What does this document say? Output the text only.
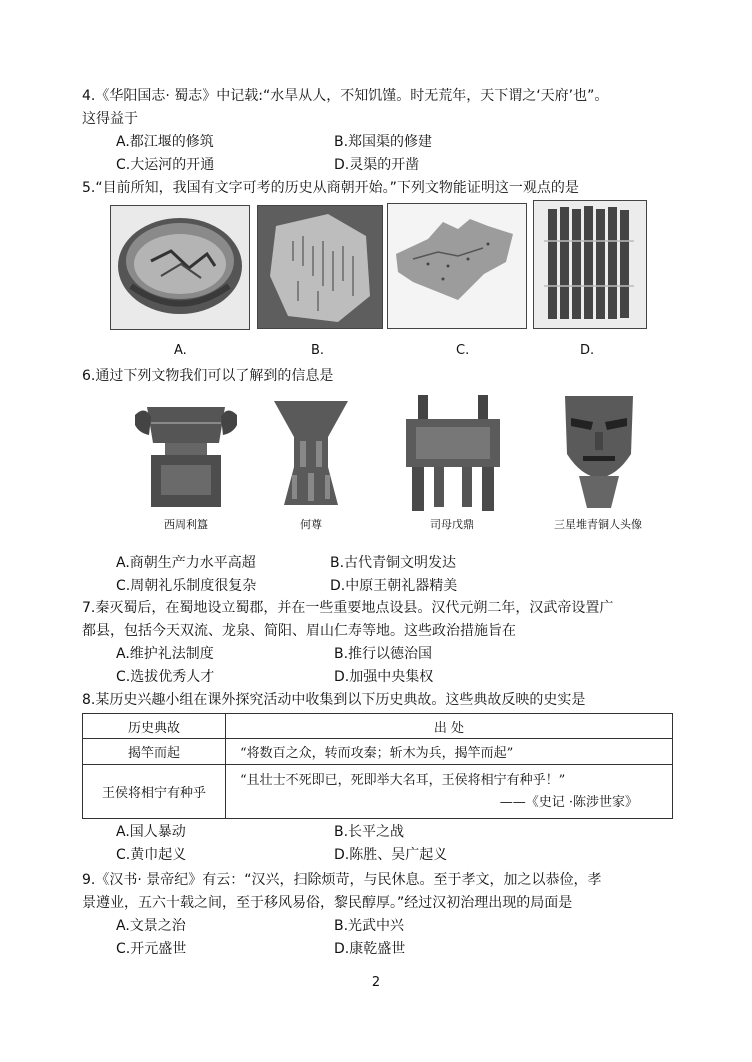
4.《华阳国志· 蜀志》中记载:“水旱从人，不知饥馑。时无荒年，天下谓之‘天府’也”。
这得益于
A.都江堰的修筑	B.郑国渠的修建
C.大运河的开通	D.灵渠的开凿
5.“目前所知，我国有文字可考的历史从商朝开始。”下列文物能证明这一观点的是
A.	B.	C.	D.
6.通过下列文物我们可以了解到的信息是
西周利簋	何尊	司母戊鼎	三星堆青铜人头像
A.商朝生产力水平高超	B.古代青铜文明发达
C.周朝礼乐制度很复杂	D.中原王朝礼器精美
7.秦灭蜀后，在蜀地设立蜀郡，并在一些重要地点设县。汉代元朔二年，汉武帝设置广
都县，包括今天双流、龙泉、简阳、眉山仁寿等地。这些政治措施旨在
A.维护礼法制度	B.推行以德治国
C.选拔优秀人才	D.加强中央集权
8.某历史兴趣小组在课外探究活动中收集到以下历史典故。这些典故反映的史实是
历史典故	出 处
揭竿而起	“将数百之众，转而攻秦；斩木为兵，揭竿而起”
王侯将相宁有种乎	“且壮士不死即已，死即举大名耳，王侯将相宁有种乎！”
——《史记 ·陈涉世家》
A.国人暴动	B.长平之战
C.黄巾起义	D.陈胜、吴广起义
9.《汉书· 景帝纪》有云：“汉兴，扫除烦苛，与民休息。至于孝文，加之以恭俭，孝
景遵业，五六十载之间，至于移风易俗，黎民醇厚。”经过汉初治理出现的局面是
A.文景之治	B.光武中兴
C.开元盛世	D.康乾盛世
2
